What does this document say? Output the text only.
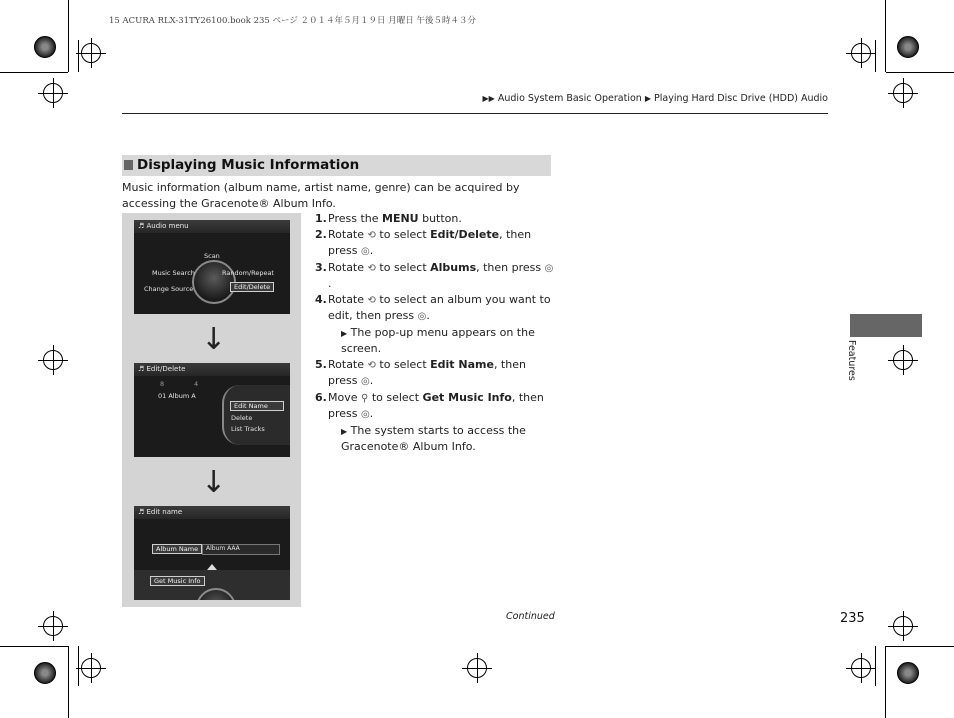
15 ACURA RLX-31TY26100.book 235 ページ ２０１４年５月１９日 月曜日 午後５時４３分
▶▶ Audio System Basic Operation ▶ Playing Hard Disc Drive (HDD) Audio
Displaying Music Information
Music information (album name, artist name, genre) can be acquired by accessing the Gracenote® Album Info.
♬ Audio menu
Scan
Music Search	Random/Repeat
Change Source	Edit/Delete
↓
♬ Edit/Delete
8	4
01 Album A
Edit Name
Delete
List Tracks
↓
♬ Edit name
Album Name	Album AAA
Get Music Info
1. Press the MENU button.
2. Rotate ⟲ to select Edit/Delete, then press ◎.
3. Rotate ⟲ to select Albums, then press ◎.
4. Rotate ⟲ to select an album you want to edit, then press ◎.
▶ The pop-up menu appears on the screen.
5. Rotate ⟲ to select Edit Name, then press ◎.
6. Move ⚲ to select Get Music Info, then press ◎.
▶ The system starts to access the Gracenote® Album Info.
Features
Continued	235
